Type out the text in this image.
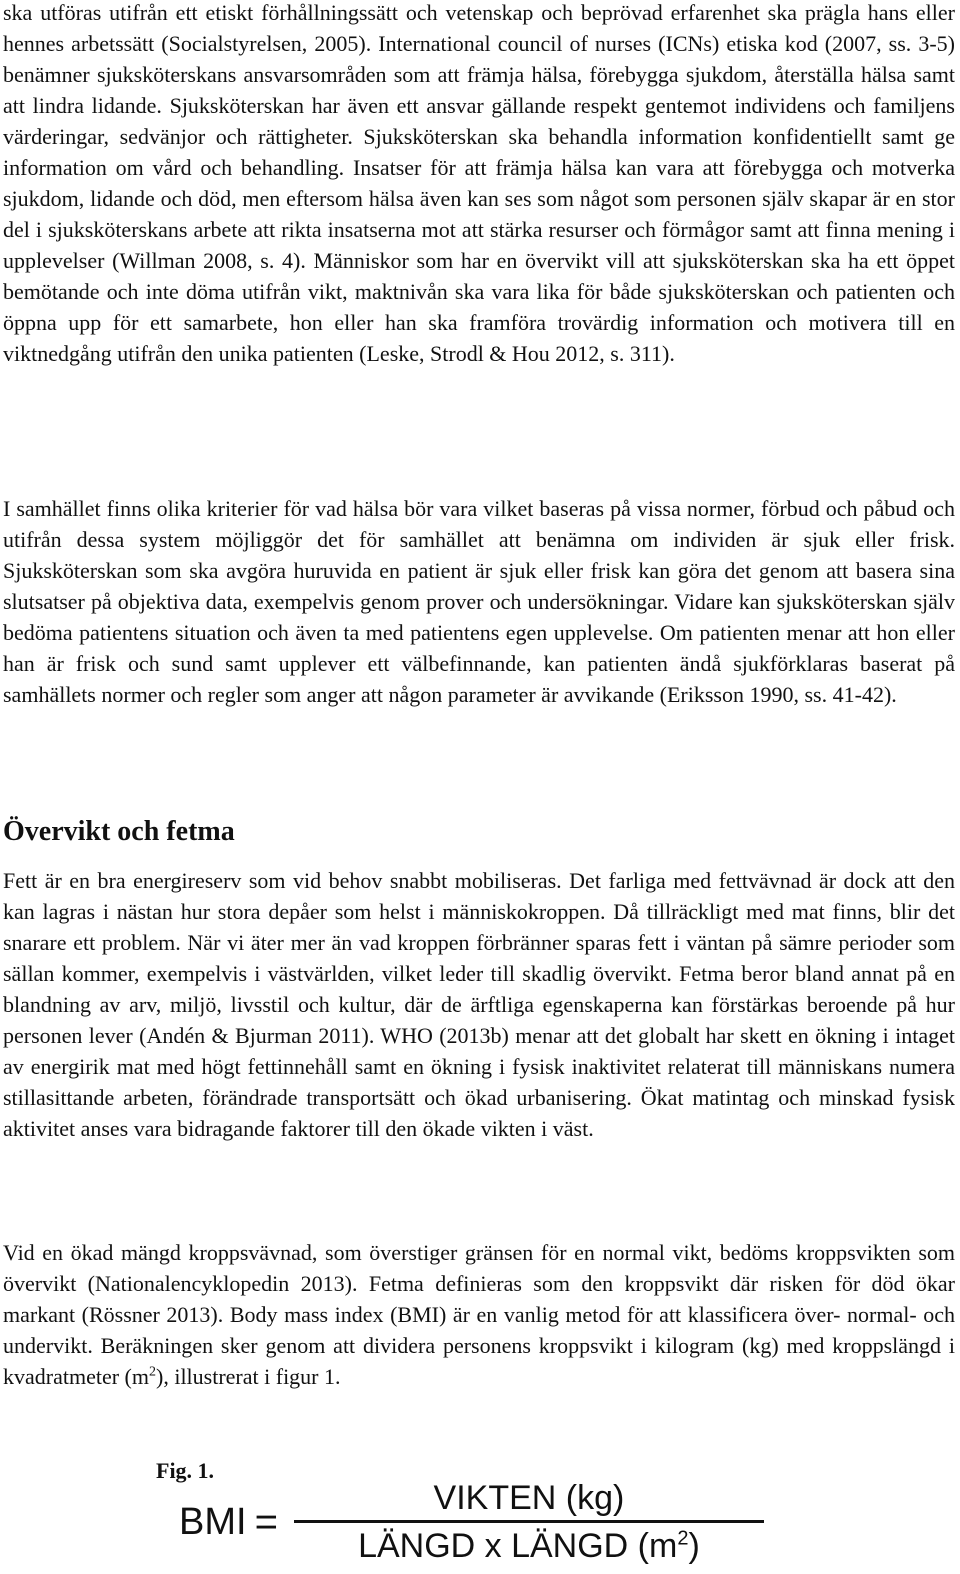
ska utföras utifrån ett etiskt förhållningssätt och vetenskap och beprövad erfarenhet ska prägla hans eller hennes arbetssätt (Socialstyrelsen, 2005). International council of nurses (ICNs) etiska kod (2007, ss. 3-5) benämner sjuksköterskans ansvarsområden som att främja hälsa, förebygga sjukdom, återställa hälsa samt att lindra lidande. Sjuksköterskan har även ett ansvar gällande respekt gentemot individens och familjens värderingar, sedvänjor och rättigheter. Sjuksköterskan ska behandla information konfidentiellt samt ge information om vård och behandling. Insatser för att främja hälsa kan vara att förebygga och motverka sjukdom, lidande och död, men eftersom hälsa även kan ses som något som personen själv skapar är en stor del i sjuksköterskans arbete att rikta insatserna mot att stärka resurser och förmågor samt att finna mening i upplevelser (Willman 2008, s. 4). Människor som har en övervikt vill att sjuksköterskan ska ha ett öppet bemötande och inte döma utifrån vikt, maktnivån ska vara lika för både sjuksköterskan och patienten och öppna upp för ett samarbete, hon eller han ska framföra trovärdig information och motivera till en viktnedgång utifrån den unika patienten (Leske, Strodl & Hou 2012, s. 311).

I samhället finns olika kriterier för vad hälsa bör vara vilket baseras på vissa normer, förbud och påbud och utifrån dessa system möjliggör det för samhället att benämna om individen är sjuk eller frisk. Sjuksköterskan som ska avgöra huruvida en patient är sjuk eller frisk kan göra det genom att basera sina slutsatser på objektiva data, exempelvis genom prover och undersökningar. Vidare kan sjuksköterskan själv bedöma patientens situation och även ta med patientens egen upplevelse. Om patienten menar att hon eller han är frisk och sund samt upplever ett välbefinnande, kan patienten ändå sjukförklaras baserat på samhällets normer och regler som anger att någon parameter är avvikande (Eriksson 1990, ss. 41-42).

Övervikt och fetma

Fett är en bra energireserv som vid behov snabbt mobiliseras. Det farliga med fettvävnad är dock att den kan lagras i nästan hur stora depåer som helst i människokroppen. Då tillräckligt med mat finns, blir det snarare ett problem. När vi äter mer än vad kroppen förbränner sparas fett i väntan på sämre perioder som sällan kommer, exempelvis i västvärlden, vilket leder till skadlig övervikt. Fetma beror bland annat på en blandning av arv, miljö, livsstil och kultur, där de ärftliga egenskaperna kan förstärkas beroende på hur personen lever (Andén & Bjurman 2011). WHO (2013b) menar att det globalt har skett en ökning i intaget av energirik mat med högt fettinnehåll samt en ökning i fysisk inaktivitet relaterat till människans numera stillasittande arbeten, förändrade transportsätt och ökad urbanisering. Ökat matintag och minskad fysisk aktivitet anses vara bidragande faktorer till den ökade vikten i väst.

Vid en ökad mängd kroppsvävnad, som överstiger gränsen för en normal vikt, bedöms kroppsvikten som övervikt (Nationalencyklopedin 2013). Fetma definieras som den kroppsvikt där risken för död ökar markant (Rössner 2013). Body mass index (BMI) är en vanlig metod för att klassificera över- normal- och undervikt. Beräkningen sker genom att dividera personens kroppsvikt i kilogram (kg) med kroppslängd i kvadratmeter $(m^2)$, illustrerat i figur 1.

Fig. 1.
BMI = $\frac{\text{VIKTEN (kg)}}{LÄNGD x LÄNGD (m^2)}$
